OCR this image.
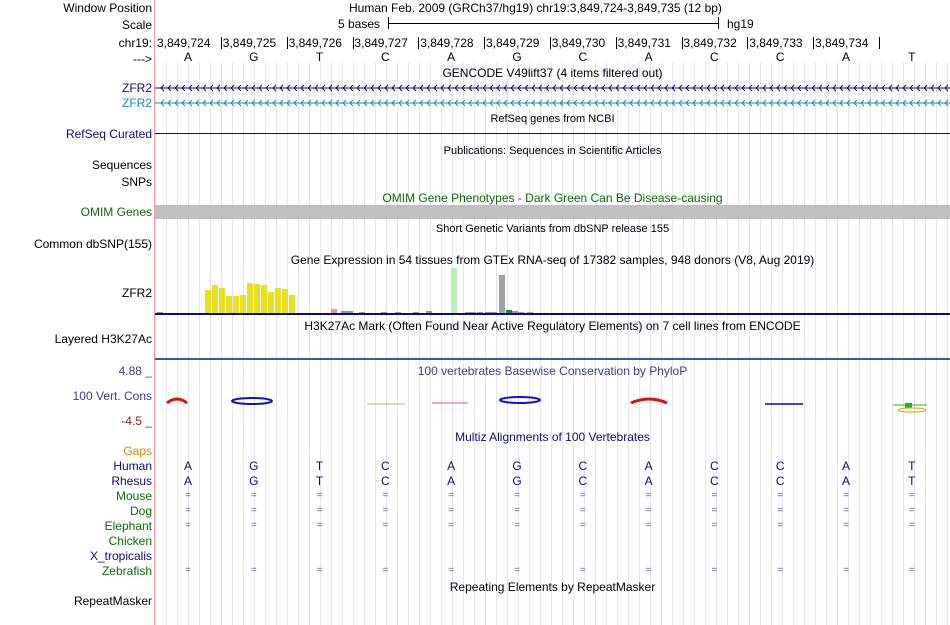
Window Position	Human Feb. 2009 (GRCh37/hg19) chr19:3,849,724-3,849,735 (12 bp)
Scale	5 bases	hg19
chr19: 3,849,724 3,849,725 3,849,726 3,849,727 3,849,728 3,849,729 3,849,730 3,849,731 3,849,732 3,849,733 3,849,734
--->	A	G	T	C	A	G	C	A	C	C	A	T
GENCODE V49lift37 (4 items filtered out)
ZFR2
ZFR2
RefSeq Curated
RefSeq genes from NCBI
Publications: Sequences in Scientific Articles
Sequences
SNPs
OMIM Gene Phenotypes - Dark Green Can Be Disease-causing
OMIM Genes
Short Genetic Variants from dbSNP release 155
Common dbSNP(155)
Gene Expression in 54 tissues from GTEx RNA-seq of 17382 samples, 948 donors (V8, Aug 2019)
ZFR2
H3K27Ac Mark (Often Found Near Active Regulatory Elements) on 7 cell lines from ENCODE
Layered H3K27Ac
100 vertebrates Basewise Conservation by PhyloP
4.88 _
100 Vert. Cons
-4.5 _
Multiz Alignments of 100 Vertebrates
Gaps
Human	A	G	T	C	A	G	C	A	C	C	A	T
Rhesus	A	G	T	C	A	G	C	A	C	C	A	T
Mouse	=	=	=	=	=	=	=	=	=	=	=	=
Dog	=	=	=	=	=	=	=	=	=	=	=	=
Elephant	=	=	=	=	=	=	=	=	=	=	=	=
Chicken
X_tropicalis
Zebrafish	=	=	=	=	=	=	=	=	=	=	=	=
Repeating Elements by RepeatMasker
RepeatMasker
